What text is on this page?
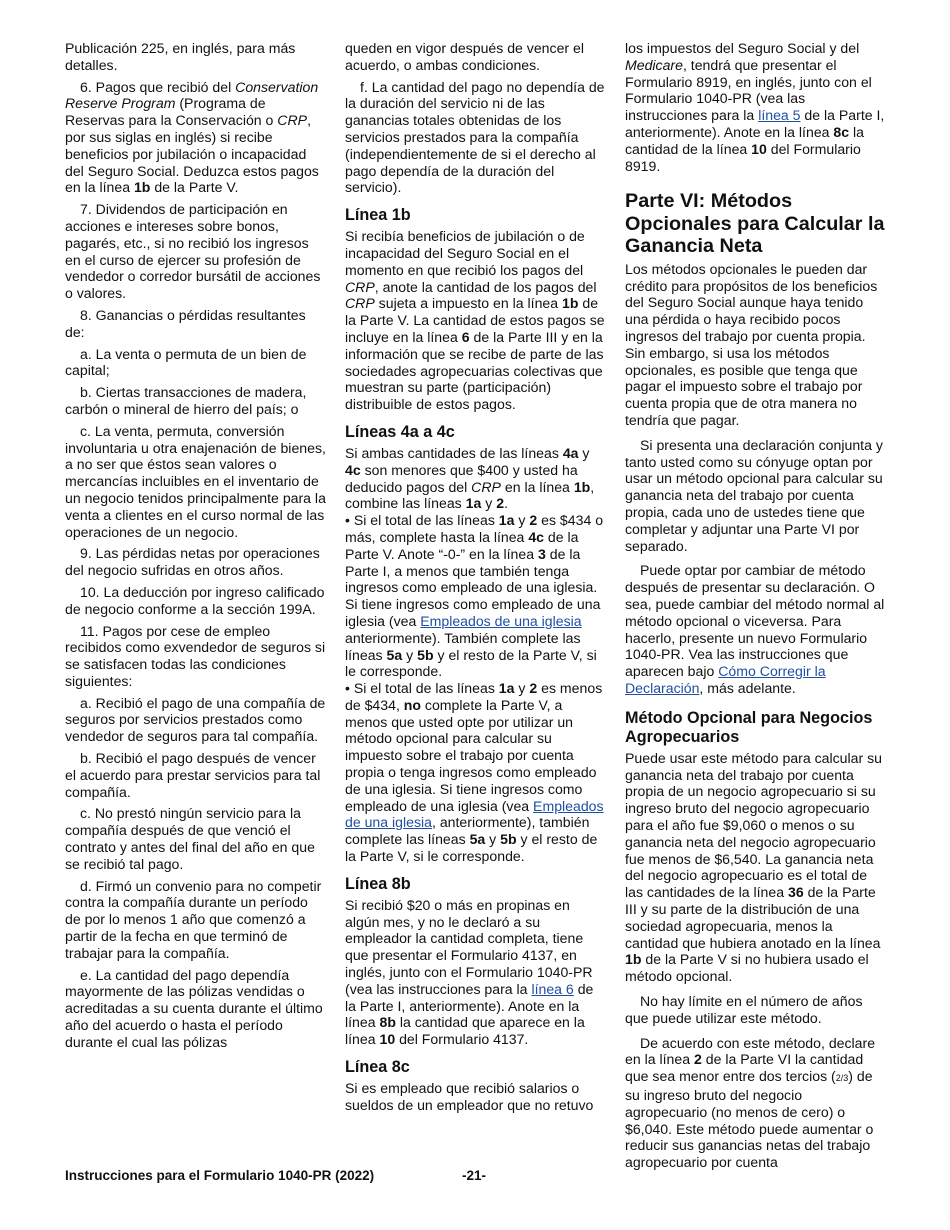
Publicación 225, en inglés, para más detalles.

6. Pagos que recibió del Conservation Reserve Program (Programa de Reservas para la Conservación o CRP, por sus siglas en inglés) si recibe beneficios por jubilación o incapacidad del Seguro Social. Deduzca estos pagos en la línea 1b de la Parte V.

7. Dividendos de participación en acciones e intereses sobre bonos, pagarés, etc., si no recibió los ingresos en el curso de ejercer su profesión de vendedor o corredor bursátil de acciones o valores.

8. Ganancias o pérdidas resultantes de:

a. La venta o permuta de un bien de capital;

b. Ciertas transacciones de madera, carbón o mineral de hierro del país; o

c. La venta, permuta, conversión involuntaria u otra enajenación de bienes, a no ser que éstos sean valores o mercancías incluibles en el inventario de un negocio tenidos principalmente para la venta a clientes en el curso normal de las operaciones de un negocio.

9. Las pérdidas netas por operaciones del negocio sufridas en otros años.

10. La deducción por ingreso calificado de negocio conforme a la sección 199A.

11. Pagos por cese de empleo recibidos como exvendedor de seguros si se satisfacen todas las condiciones siguientes:

a. Recibió el pago de una compañía de seguros por servicios prestados como vendedor de seguros para tal compañía.

b. Recibió el pago después de vencer el acuerdo para prestar servicios para tal compañía.

c. No prestó ningún servicio para la compañía después de que venció el contrato y antes del final del año en que se recibió tal pago.

d. Firmó un convenio para no competir contra la compañía durante un período de por lo menos 1 año que comenzó a partir de la fecha en que terminó de trabajar para la compañía.

e. La cantidad del pago dependía mayormente de las pólizas vendidas o acreditadas a su cuenta durante el último año del acuerdo o hasta el período durante el cual las pólizas

queden en vigor después de vencer el acuerdo, o ambas condiciones.

f. La cantidad del pago no dependía de la duración del servicio ni de las ganancias totales obtenidas de los servicios prestados para la compañía (independientemente de si el derecho al pago dependía de la duración del servicio).

Línea 1b

Si recibía beneficios de jubilación o de incapacidad del Seguro Social en el momento en que recibió los pagos del CRP, anote la cantidad de los pagos del CRP sujeta a impuesto en la línea 1b de la Parte V. La cantidad de estos pagos se incluye en la línea 6 de la Parte III y en la información que se recibe de parte de las sociedades agropecuarias colectivas que muestran su parte (participación) distribuible de estos pagos.

Líneas 4a a 4c

Si ambas cantidades de las líneas 4a y 4c son menores que $400 y usted ha deducido pagos del CRP en la línea 1b, combine las líneas 1a y 2.

• Si el total de las líneas 1a y 2 es $434 o más, complete hasta la línea 4c de la Parte V. Anote “-0-” en la línea 3 de la Parte I, a menos que también tenga ingresos como empleado de una iglesia. Si tiene ingresos como empleado de una iglesia (vea Empleados de una iglesia anteriormente). También complete las líneas 5a y 5b y el resto de la Parte V, si le corresponde.

• Si el total de las líneas 1a y 2 es menos de $434, no complete la Parte V, a menos que usted opte por utilizar un método opcional para calcular su impuesto sobre el trabajo por cuenta propia o tenga ingresos como empleado de una iglesia. Si tiene ingresos como empleado de una iglesia (vea Empleados de una iglesia, anteriormente), también complete las líneas 5a y 5b y el resto de la Parte V, si le corresponde.

Línea 8b

Si recibió $20 o más en propinas en algún mes, y no le declaró a su empleador la cantidad completa, tiene que presentar el Formulario 4137, en inglés, junto con el Formulario 1040-PR (vea las instrucciones para la línea 6 de la Parte I, anteriormente). Anote en la línea 8b la cantidad que aparece en la línea 10 del Formulario 4137.

Línea 8c

Si es empleado que recibió salarios o sueldos de un empleador que no retuvo

los impuestos del Seguro Social y del Medicare, tendrá que presentar el Formulario 8919, en inglés, junto con el Formulario 1040-PR (vea las instrucciones para la línea 5 de la Parte I, anteriormente). Anote en la línea 8c la cantidad de la línea 10 del Formulario 8919.

Parte VI: Métodos Opcionales para Calcular la Ganancia Neta

Los métodos opcionales le pueden dar crédito para propósitos de los beneficios del Seguro Social aunque haya tenido una pérdida o haya recibido pocos ingresos del trabajo por cuenta propia. Sin embargo, si usa los métodos opcionales, es posible que tenga que pagar el impuesto sobre el trabajo por cuenta propia que de otra manera no tendría que pagar.

Si presenta una declaración conjunta y tanto usted como su cónyuge optan por usar un método opcional para calcular su ganancia neta del trabajo por cuenta propia, cada uno de ustedes tiene que completar y adjuntar una Parte VI por separado.

Puede optar por cambiar de método después de presentar su declaración. O sea, puede cambiar del método normal al método opcional o viceversa. Para hacerlo, presente un nuevo Formulario 1040-PR. Vea las instrucciones que aparecen bajo Cómo Corregir la Declaración, más adelante.

Método Opcional para Negocios Agropecuarios

Puede usar este método para calcular su ganancia neta del trabajo por cuenta propia de un negocio agropecuario si su ingreso bruto del negocio agropecuario para el año fue $9,060 o menos o su ganancia neta del negocio agropecuario fue menos de $6,540. La ganancia neta del negocio agropecuario es el total de las cantidades de la línea 36 de la Parte III y su parte de la distribución de una sociedad agropecuaria, menos la cantidad que hubiera anotado en la línea 1b de la Parte V si no hubiera usado el método opcional.

No hay límite en el número de años que puede utilizar este método.

De acuerdo con este método, declare en la línea 2 de la Parte VI la cantidad que sea menor entre dos tercios (2/3) de su ingreso bruto del negocio agropecuario (no menos de cero) o $6,040. Este método puede aumentar o reducir sus ganancias netas del trabajo agropecuario por cuenta

Instrucciones para el Formulario 1040-PR (2022)	-21-
